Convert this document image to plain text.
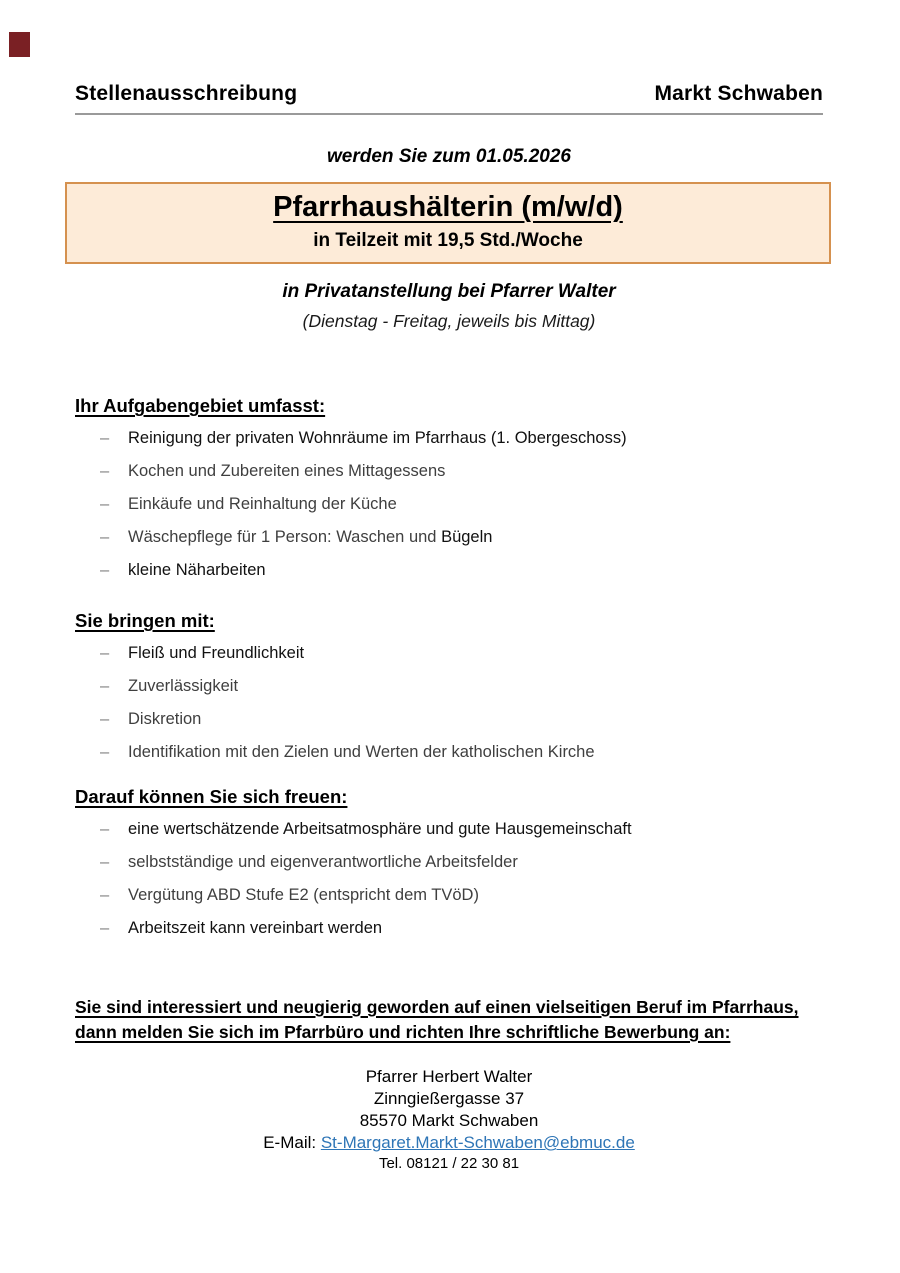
Stellenausschreibung	Markt Schwaben
werden Sie zum 01.05.2026
Pfarrhaushälterin (m/w/d)
in Teilzeit mit 19,5 Std./Woche
in Privatanstellung bei Pfarrer Walter
(Dienstag - Freitag, jeweils bis Mittag)
Ihr Aufgabengebiet umfasst:
– Reinigung der privaten Wohnräume im Pfarrhaus (1. Obergeschoss)
– Kochen und Zubereiten eines Mittagessens
– Einkäufe und Reinhaltung der Küche
– Wäschepflege für 1 Person: Waschen und Bügeln
– kleine Näharbeiten
Sie bringen mit:
– Fleiß und Freundlichkeit
– Zuverlässigkeit
– Diskretion
– Identifikation mit den Zielen und Werten der katholischen Kirche
Darauf können Sie sich freuen:
– eine wertschätzende Arbeitsatmosphäre und gute Hausgemeinschaft
– selbstständige und eigenverantwortliche Arbeitsfelder
– Vergütung ABD Stufe E2 (entspricht dem TVöD)
– Arbeitszeit kann vereinbart werden
Sie sind interessiert und neugierig geworden auf einen vielseitigen Beruf im Pfarrhaus,
dann melden Sie sich im Pfarrbüro und richten Ihre schriftliche Bewerbung an:
Pfarrer Herbert Walter
Zinngießergasse 37
85570 Markt Schwaben
E-Mail: St-Margaret.Markt-Schwaben@ebmuc.de
Tel. 08121 / 22 30 81
